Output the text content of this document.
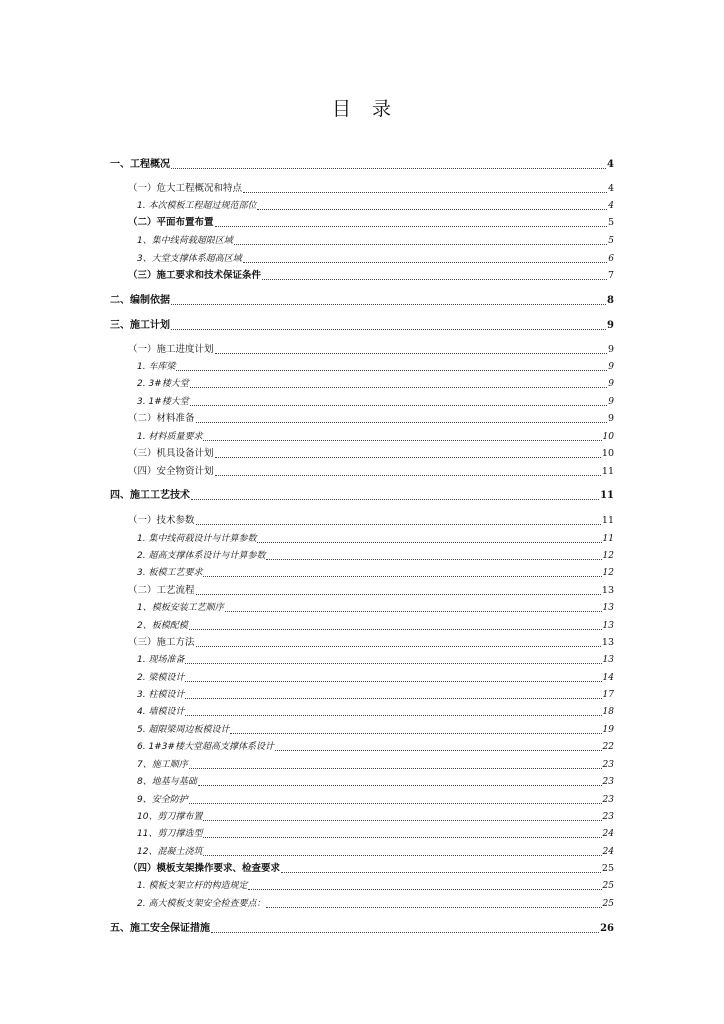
目 录
一、工程概况	4
（一）危大工程概况和特点	4
1. 本次模板工程超过规范部位	4
（二）平面布置布置	5
1、集中线荷载超限区域	5
3、大堂支撑体系超高区域	6
（三）施工要求和技术保证条件	7
二、编制依据	8
三、施工计划	9
（一）施工进度计划	9
1. 车库梁	9
2. 3#楼大堂	9
3. 1#楼大堂	9
（二）材料准备	9
1. 材料质量要求	10
（三）机具设备计划	10
（四）安全物资计划	11
四、施工工艺技术	11
（一）技术参数	11
1. 集中线荷载设计与计算参数	11
2. 超高支撑体系设计与计算参数	12
3. 板模工艺要求	12
（二）工艺流程	13
1、模板安装工艺顺序	13
2、板模配模	13
（三）施工方法	13
1. 现场准备	13
2. 梁模设计	14
3. 柱模设计	17
4. 墙模设计	18
5. 超限梁周边板模设计	19
6. 1#3#楼大堂超高支撑体系设计	22
7、施工顺序	23
8、地基与基础	23
9、安全防护	23
10、剪刀撑布置	23
11、剪刀撑选型	24
12、混凝土浇筑	24
（四）模板支架操作要求、检查要求	25
1. 模板支架立杆的构造规定	25
2. 高大模板支架安全检查要点：	25
五、施工安全保证措施	26
